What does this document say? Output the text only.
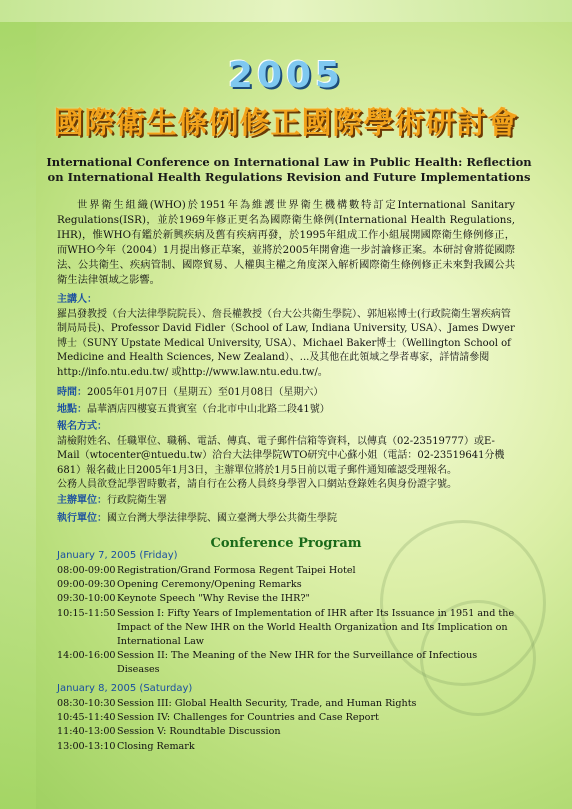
2005
國際衛生條例修正國際學術研討會
International Conference on International Law in Public Health: Reflection on International Health Regulations Revision and Future Implementations
世界衛生組織(WHO)於1951年為維護世界衛生機構數特訂定International Sanitary Regulations(ISR)，並於1969年修正更名為國際衛生條例(International Health Regulations, IHR)，惟WHO有鑑於新興疾病及舊有疾病再發，於1995年組成工作小組展開國際衛生條例修正，而WHO今年（2004）1月提出修正草案，並將於2005年開會進一步討論修正案。本研討會將從國際法、公共衛生、疾病管制、國際貿易、人權與主權之角度深入解析國際衛生條例修正未來對我國公共衛生法律領域之影響。
主講人：
羅昌發教授（台大法律學院院長）、詹長權教授（台大公共衛生學院）、郭旭崧博士(行政院衛生署疾病管制局局長)、Professor David Fidler（School of Law, Indiana University, USA）、James Dwyer博士（SUNY Upstate Medical University, USA）、Michael Baker博士（Wellington School of Medicine and Health Sciences, New Zealand）、...及其他在此領域之學者專家，詳情請參閱http://info.ntu.edu.tw/ 或http://www.law.ntu.edu.tw/。
時間：2005年01月07日（星期五）至01月08日（星期六）
地點：晶華酒店四樓宴五貴賓室（台北市中山北路二段41號）
報名方式：
請檢附姓名、任職單位、職稱、電話、傳真、電子郵件信箱等資料，以傳真（02-23519777）或E-Mail（wtocenter@ntuedu.tw）洽台大法律學院WTO研究中心蘇小姐（電話：02-23519641分機681）報名截止日2005年1月3日，主辦單位將於1月5日前以電子郵件通知確認受理報名。
公務人員欲登記學習時數者，請自行在公務人員終身學習入口網站登錄姓名與身份證字號。
主辦單位：行政院衛生署
執行單位：國立台灣大學法律學院、國立臺灣大學公共衛生學院
Conference Program
January 7, 2005 (Friday)
08:00-09:00 Registration/Grand Formosa Regent Taipei Hotel
09:00-09:30 Opening Ceremony/Opening Remarks
09:30-10:00 Keynote Speech "Why Revise the IHR?"
10:15-11:50 Session I: Fifty Years of Implementation of IHR after Its Issuance in 1951 and the Impact of the New IHR on the World Health Organization and Its Implication on International Law
14:00-16:00 Session II: The Meaning of the New IHR for the Surveillance of Infectious Diseases
January 8, 2005 (Saturday)
08:30-10:30 Session III: Global Health Security, Trade, and Human Rights
10:45-11:40 Session IV: Challenges for Countries and Case Report
11:40-13:00 Session V: Roundtable Discussion
13:00-13:10 Closing Remark
